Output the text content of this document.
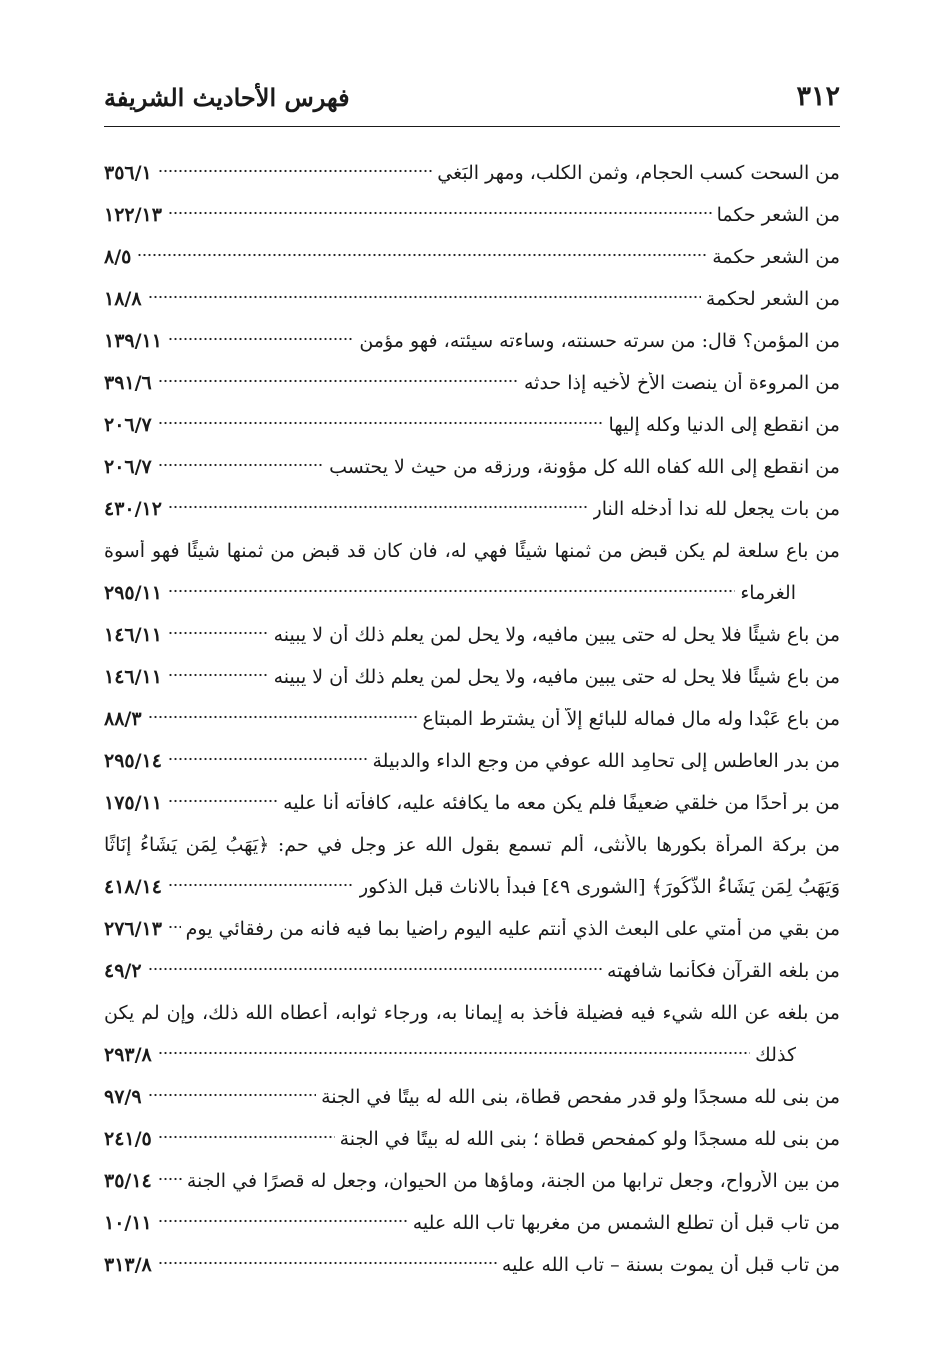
٣١٢
فهرس الأحاديث الشريفة
من السحت كسب الحجام، وثمن الكلب، ومهر البَغي
٣٥٦/١
من الشعر حكما
١٢٢/١٣
من الشعر حكمة
٨/٥
من الشعر لحكمة
١٨/٨
من المؤمن؟ قال: من سرته حسنته، وساءته سيئته، فهو مؤمن
١٣٩/١١
من المروءة أن ينصت الأخ لأخيه إذا حدثه
٣٩١/٦
من انقطع إلى الدنيا وكله إليها
٢٠٦/٧
من انقطع إلى الله كفاه الله كل مؤونة، ورزقه من حيث لا يحتسب
٢٠٦/٧
من بات يجعل لله ندا أدخله النار
٤٣٠/١٢
من باع سلعة لم يكن قبض من ثمنها شيئًا فهي له، فان كان قد قبض من ثمنها شيئًا فهو أسوة
الغرماء
٢٩٥/١١
من باع شيئًا فلا يحل له حتى يبين مافيه، ولا يحل لمن يعلم ذلك أن لا يبينه
١٤٦/١١
من باع شيئًا فلا يحل له حتى يبين مافيه، ولا يحل لمن يعلم ذلك أن لا يبينه
١٤٦/١١
من باع عَبْدا وله مال فماله للبائع إلاّ أن يشترط المبتاع
٨٨/٣
من بدر العاطس إلى تحامِد الله عوفي من وجع الداء والدبيلة
٢٩٥/١٤
من بر أحدًا من خلقي ضعيفًا فلم يكن معه ما يكافئه عليه، كافأته أنا عليه
١٧٥/١١
من بركة المرأة بكورها بالأنثى، ألم تسمع بقول الله عز وجل في حم: ﴿يَهَبُ لِمَن يَشَاءُ إِنَاثًا
وَيَهَبُ لِمَن يَشَاءُ الذُّكُورَ﴾ [الشورى ٤٩] فبدأ بالاناث قبل الذكور
٤١٨/١٤
من بقي من أمتي على البعث الذي أنتم عليه اليوم راضيا بما فيه فانه من رفقائي يوم
٢٧٦/١٣
من بلغه القرآن فكأنما شافهته
٤٩/٢
من بلغه عن الله شيء فيه فضيلة فأخذ به إيمانا به، ورجاء ثوابه، أعطاه الله ذلك، وإن لم يكن
كذلك
٢٩٣/٨
من بنى لله مسجدًا ولو قدر مفحص قطاة، بنى الله له بيتًا في الجنة
٩٧/٩
من بنى لله مسجدًا ولو كمفحص قطاة ؛ بنى الله له بيتًا في الجنة
٢٤١/٥
من بين الأرواح، وجعل ترابها من الجنة، وماؤها من الحيوان، وجعل له قصرًا في الجنة
٣٥/١٤
من تاب قبل أن تطلع الشمس من مغربها تاب الله عليه
١٠/١١
من تاب قبل أن يموت بسنة – تاب الله عليه
٣١٣/٨
